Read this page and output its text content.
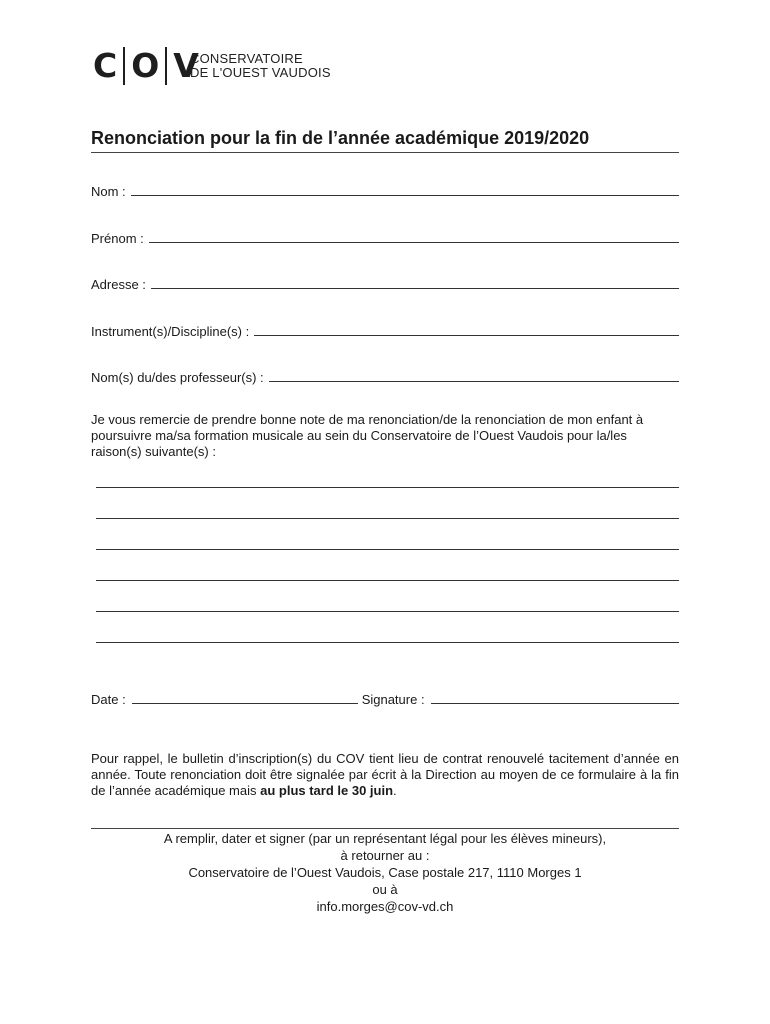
C O V
CONSERVATOIRE
DE L'OUEST VAUDOIS
Renonciation pour la fin de l’année académique 2019/2020
Nom :
Prénom :
Adresse :
Instrument(s)/Discipline(s) :
Nom(s) du/des professeur(s) :
Je vous remercie de prendre bonne note de ma renonciation/de la renonciation de mon enfant à poursuivre ma/sa formation musicale au sein du Conservatoire de l’Ouest Vaudois pour la/les raison(s) suivante(s) :
Date :	Signature :
Pour rappel, le bulletin d’inscription(s) du COV tient lieu de contrat renouvelé tacitement d’année en année. Toute renonciation doit être signalée par écrit à la Direction au moyen de ce formulaire à la fin de l’année académique mais au plus tard le 30 juin.
A remplir, dater et signer (par un représentant légal pour les élèves mineurs),
à retourner au :
Conservatoire de l’Ouest Vaudois, Case postale 217, 1110 Morges 1
ou à
info.morges@cov-vd.ch
